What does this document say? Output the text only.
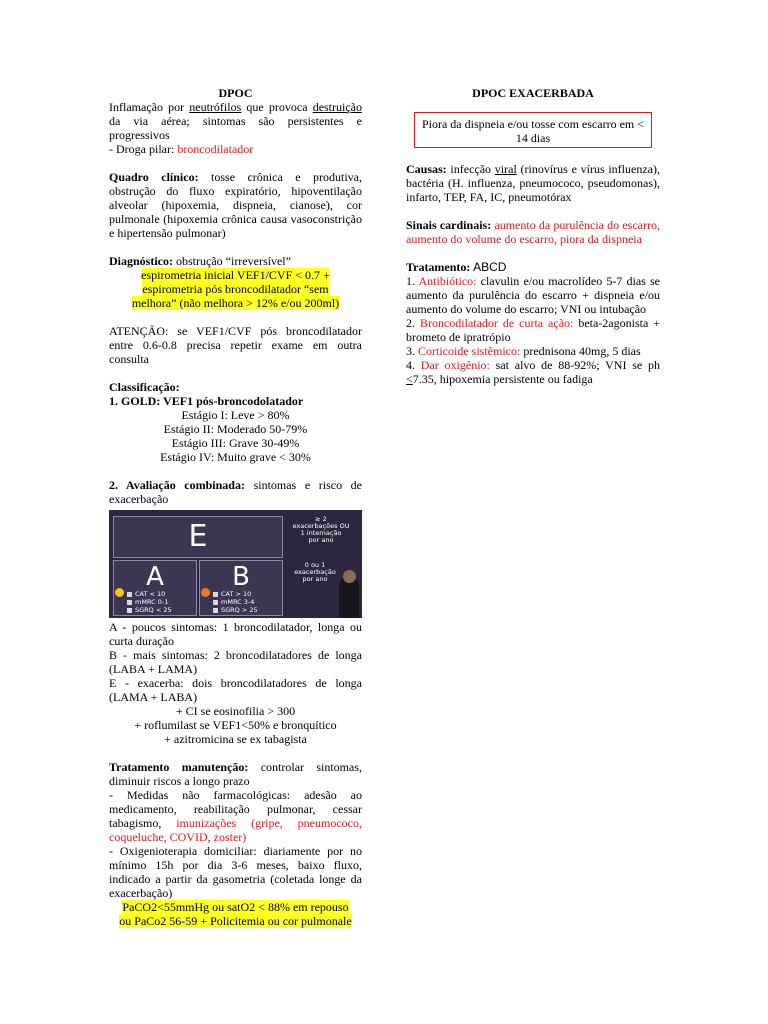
DPOC

Inflamação por neutrófilos que provoca destruição da via aérea; sintomas são persistentes e progressivos

- Droga pilar: broncodilatador

Quadro clínico: tosse crônica e produtiva, obstrução do fluxo expiratório, hipoventilação alveolar (hipoxemia, dispneia, cianose), cor pulmonale (hipoxemia crônica causa vasoconstrição e hipertensão pulmonar)

Diagnóstico: obstrução “irreversível”

espirometria inicial VEF1/CVF < 0.7 +
espirometria pós broncodilatador “sem
melhora” (não melhora > 12% e/ou 200ml)

ATENÇÃO: se VEF1/CVF pós broncodilatador entre 0.6-0.8 precisa repetir exame em outra consulta

Classificação:

1. GOLD: VEF1 pós-broncodolatador

Estágio I: Leve > 80%

Estágio II: Moderado 50-79%

Estágio III: Grave 30-49%

Estágio IV: Muito grave < 30%

2. Avaliação combinada: sintomas e risco de exacerbação

E
A	B
≥ 2
exacerbações OU
1 internação
por ano
0 ou 1
exacerbação
por ano
CAT < 10
mMRC 0-1
SGRQ < 25
CAT > 10
mMRC 3-4
SGRQ > 25

A - poucos sintomas: 1 broncodilatador, longa ou curta duração

B - mais sintomas: 2 broncodilatadores de longa (LABA + LAMA)

E - exacerba: dois broncodilatadores de longa (LAMA + LABA)

+ CI se eosinofilia > 300

+ roflumilast se VEF1<50% e bronquítico

+ azitromicina se ex tabagista

Tratamento manutenção: controlar sintomas, diminuir riscos a longo prazo

- Medidas não farmacológicas: adesão ao medicamento, reabilitação pulmonar, cessar tabagismo, imunizações (gripe, pneumococo, coqueluche, COVID, zoster)

- Oxigenioterapia domiciliar: diariamente por no mínimo 15h por dia 3-6 meses, baixo fluxo, indicado a partir da gasometria (coletada longe da exacerbação)

PaCO2<55mmHg ou satO2 < 88% em repouso
ou PaCo2 56-59 + Policitemia ou cor pulmonale

DPOC EXACERBADA

Piora da dispneia e/ou tosse com escarro em < 14 dias

Causas: infecção viral (rinovírus e vírus influenza), bactéria (H. influenza, pneumococo, pseudomonas), infarto, TEP, FA, IC, pneumotórax

Sinais cardinais: aumento da purulência do escarro, aumento do volume do escarro, piora da dispneia

Tratamento: ABCD

1. Antibiótico: clavulin e/ou macrolídeo 5-7 dias se aumento da purulência do escarro + dispneia e/ou aumento do volume do escarro; VNI ou intubação

2. Broncodilatador de curta ação: beta-2agonista + brometo de ipratrópio

3. Corticoide sistêmico: prednisona 40mg, 5 dias

4. Dar oxigênio: sat alvo de 88-92%; VNI se ph <7.35, hipoxemia persistente ou fadiga
